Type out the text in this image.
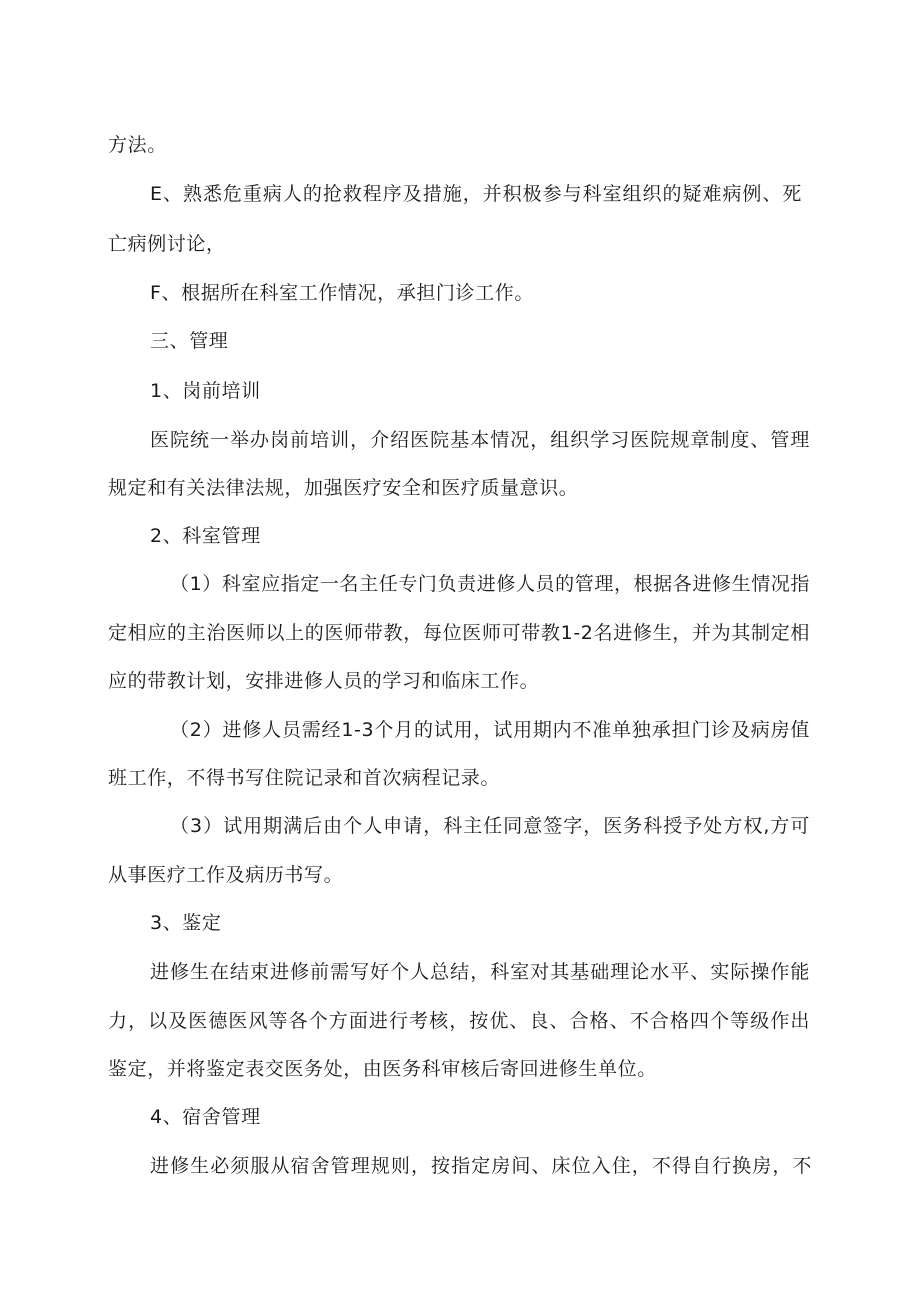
方法。
E、熟悉危重病人的抢救程序及措施，并积极参与科室组织的疑难病例、死
亡病例讨论，
F、根据所在科室工作情况，承担门诊工作。
三、管理
1、岗前培训
医院统一举办岗前培训，介绍医院基本情况，组织学习医院规章制度、管理
规定和有关法律法规，加强医疗安全和医疗质量意识。
2、科室管理
（1）科室应指定一名主任专门负责进修人员的管理，根据各进修生情况指
定相应的主治医师以上的医师带教，每位医师可带教1-2名进修生，并为其制定相
应的带教计划，安排进修人员的学习和临床工作。
（2）进修人员需经1-3个月的试用，试用期内不准单独承担门诊及病房值
班工作，不得书写住院记录和首次病程记录。
（3）试用期满后由个人申请，科主任同意签字，医务科授予处方权,方可
从事医疗工作及病历书写。
3、鉴定
进修生在结束进修前需写好个人总结，科室对其基础理论水平、实际操作能
力，以及医德医风等各个方面进行考核，按优、良、合格、不合格四个等级作出
鉴定，并将鉴定表交医务处，由医务科审核后寄回进修生单位。
4、宿舍管理
进修生必须服从宿舍管理规则，按指定房间、床位入住，不得自行换房，不
